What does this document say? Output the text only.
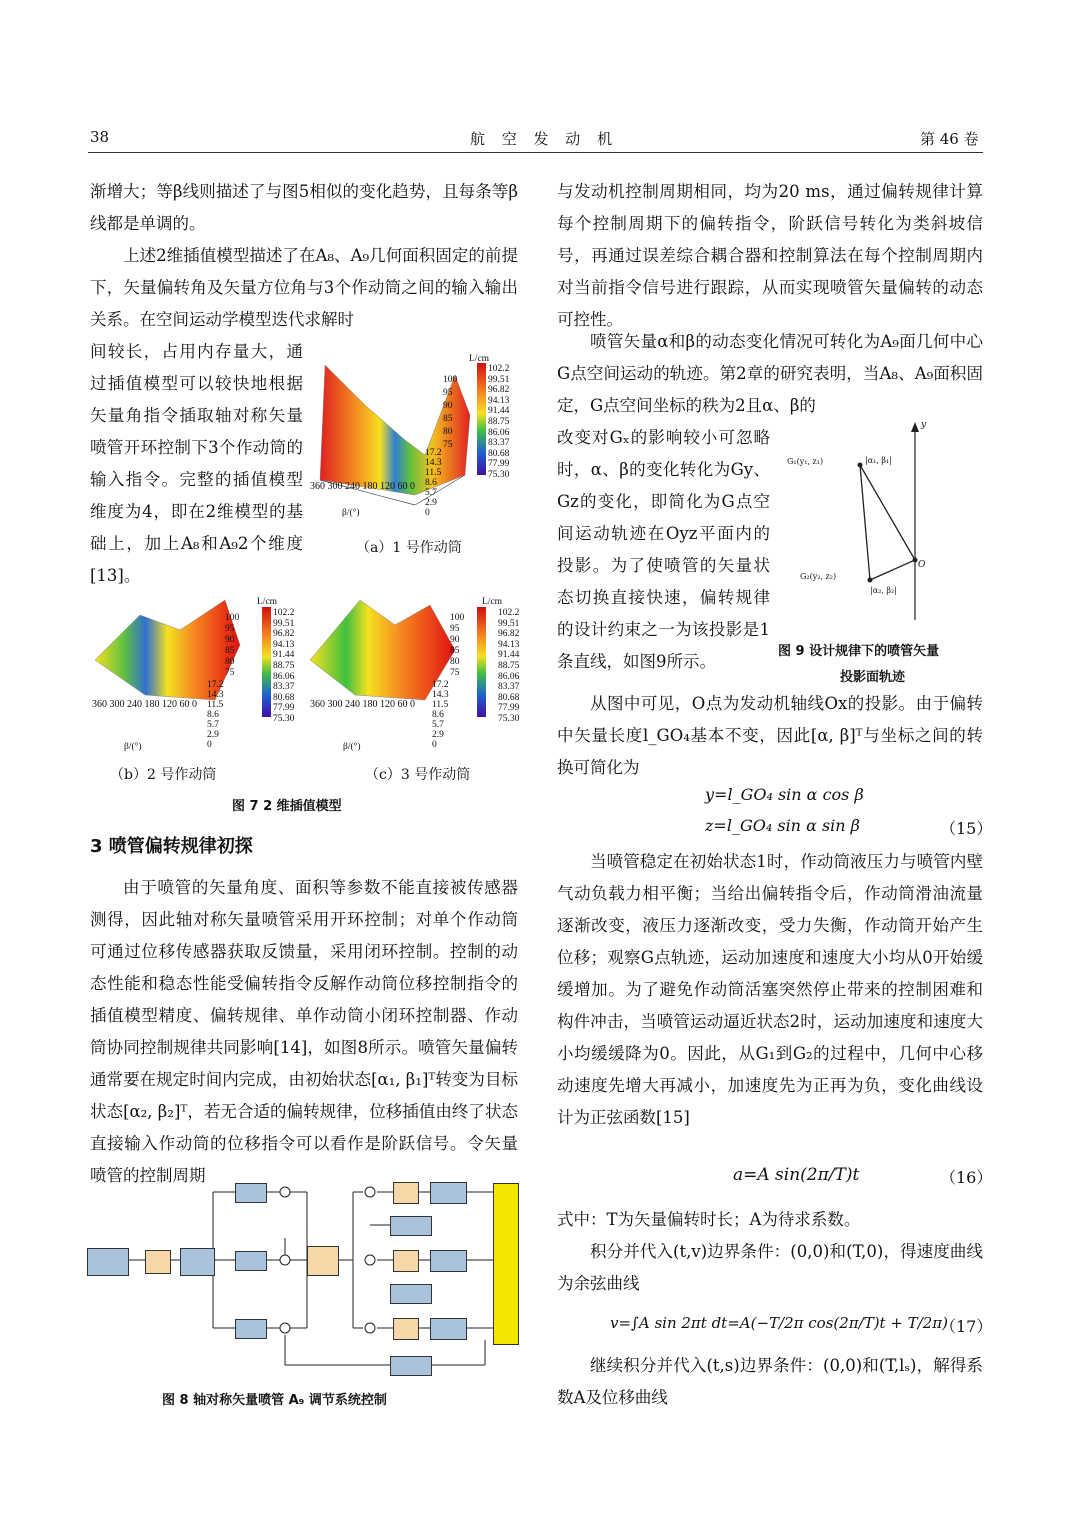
38	航 空 发 动 机	第 46 卷

渐增大；等β线则描述了与图5相似的变化趋势，且每条等β线都是单调的。

上述2维插值模型描述了在A₈、A₉几何面积固定的前提下，矢量偏转角及矢量方位角与3个作动筒之间的输入输出关系。在空间运动学模型迭代求解时

间较长，占用内存量大，通过插值模型可以较快地根据矢量角指令插取轴对称矢量喷管开环控制下3个作动筒的输入指令。完整的插值模型维度为4，即在2维模型的基础上，加上A₈和A₉2个维度[13]。

L/cm
102.2
99.51
96.82
94.13
91.44
88.75
86.06
83.37
80.68
77.99
75.30
100
95
90
85
80
75
17.2
14.3
11.5
8.6
5.7
2.9
0
360 300 240 180 120 60 0
β/(°)
（a）1 号作动筒
L/cm
102.2
99.51
96.82
94.13
91.44
88.75
86.06
83.37
80.68
77.99
75.30
100
95
90
85
80
75
17.2
14.3
11.5
8.6
5.7
2.9
0
360 300 240 180 120 60 0
β/(°)
（b）2 号作动筒
L/cm
102.2
99.51
96.82
94.13
91.44
88.75
86.06
83.37
80.68
77.99
75.30
100
95
90
85
80
75
17.2
14.3
11.5
8.6
5.7
2.9
0
360 300 240 180 120 60 0
β/(°)
（c）3 号作动筒
图 7 2 维插值模型
3 喷管偏转规律初探

由于喷管的矢量角度、面积等参数不能直接被传感器测得，因此轴对称矢量喷管采用开环控制；对单个作动筒可通过位移传感器获取反馈量，采用闭环控制。控制的动态性能和稳态性能受偏转指令反解作动筒位移控制指令的插值模型精度、偏转规律、单作动筒小闭环控制器、作动筒协同控制规律共同影响[14]，如图8所示。喷管矢量偏转通常要在规定时间内完成，由初始状态[α₁, β₁]ᵀ转变为目标状态[α₂, β₂]ᵀ，若无合适的偏转规律，位移插值由终了状态直接输入作动筒的位移指令可以看作是阶跃信号。令矢量喷管的控制周期

图 8 轴对称矢量喷管 A₉ 调节系统控制

与发动机控制周期相同，均为20 ms，通过偏转规律计算每个控制周期下的偏转指令，阶跃信号转化为类斜坡信号，再通过误差综合耦合器和控制算法在每个控制周期内对当前指令信号进行跟踪，从而实现喷管矢量偏转的动态可控性。

喷管矢量α和β的动态变化情况可转化为A₉面几何中心G点空间运动的轨迹。第2章的研究表明，当A₈、A₉面积固定，G点空间坐标的秩为2且α、β的

改变对Gₓ的影响较小可忽略时，α、β的变化转化为Gy、Gz的变化，即简化为G点空间运动轨迹在Oyz平面内的投影。为了使喷管的矢量状态切换直接快速，偏转规律的设计约束之一为该投影是1条直线，如图9所示。

y
G₁(y₁, z₁)	|α₁, β₁|
O
G₂(y₂, z₂)
|α₂, β₂|
图 9 设计规律下的喷管矢量
投影面轨迹

从图中可见，O点为发动机轴线Ox的投影。由于偏转中矢量长度l_GO₄基本不变，因此[α, β]ᵀ与坐标之间的转换可简化为

y=l_GO₄ sin α cos β
z=l_GO₄ sin α sin β	（15）

当喷管稳定在初始状态1时，作动筒液压力与喷管内壁气动负载力相平衡；当给出偏转指令后，作动筒滑油流量逐渐改变，液压力逐渐改变，受力失衡，作动筒开始产生位移；观察G点轨迹，运动加速度和速度大小均从0开始缓缓增加。为了避免作动筒活塞突然停止带来的控制困难和构件冲击，当喷管运动逼近状态2时，运动加速度和速度大小均缓缓降为0。因此，从G₁到G₂的过程中，几何中心移动速度先增大再减小，加速度先为正再为负，变化曲线设计为正弦函数[15]

a=A sin(2π/T)t	（16）

式中：T为矢量偏转时长；A为待求系数。

积分并代入(t,v)边界条件：(0,0)和(T,0)，得速度曲线为余弦曲线

v=∫A sin 2πt dt=A(−T/2π cos(2π/T)t + T/2π)
（17）

继续积分并代入(t,s)边界条件：(0,0)和(T,lₛ)，解得系数A及位移曲线
